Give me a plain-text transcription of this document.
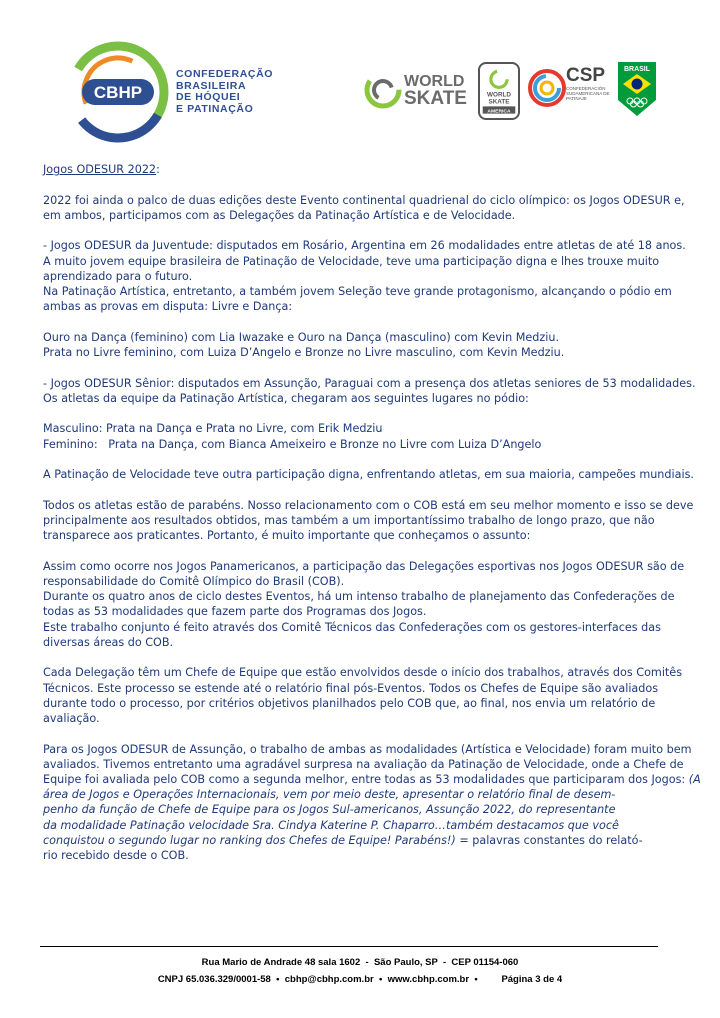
CBHP
CONFEDERAÇÃO
BRASILEIRA
DE HÓQUEI
E PATINAÇÃO
WORLD
SKATE	WORLD
SKATE
AMERICA
CSP
CONFEDERACIÓN SUDAMERICANA DE PATINAJE
BRASIL

Jogos ODESUR 2022:

2022 foi ainda o palco de duas edições deste Evento continental quadrienal do ciclo olímpico: os Jogos ODESUR e,
em ambos, participamos com as Delegações da Patinação Artística e de Velocidade.

- Jogos ODESUR da Juventude: disputados em Rosário, Argentina em 26 modalidades entre atletas de até 18 anos.
A muito jovem equipe brasileira de Patinação de Velocidade, teve uma participação digna e lhes trouxe muito
aprendizado para o futuro.
Na Patinação Artística, entretanto, a também jovem Seleção teve grande protagonismo, alcançando o pódio em
ambas as provas em disputa: Livre e Dança:

Ouro na Dança (feminino) com Lia Iwazake e Ouro na Dança (masculino) com Kevin Medziu.
Prata no Livre feminino, com Luiza D’Angelo e Bronze no Livre masculino, com Kevin Medziu.

- Jogos ODESUR Sênior: disputados em Assunção, Paraguai com a presença dos atletas seniores de 53 modalidades.
Os atletas da equipe da Patinação Artística, chegaram aos seguintes lugares no pódio:

Masculino: Prata na Dança e Prata no Livre, com Erik Medziu
Feminino:   Prata na Dança, com Bianca Ameixeiro e Bronze no Livre com Luiza D’Angelo

A Patinação de Velocidade teve outra participação digna, enfrentando atletas, em sua maioria, campeões mundiais.

Todos os atletas estão de parabéns. Nosso relacionamento com o COB está em seu melhor momento e isso se deve
principalmente aos resultados obtidos, mas também a um importantíssimo trabalho de longo prazo, que não
transparece aos praticantes. Portanto, é muito importante que conheçamos o assunto:

Assim como ocorre nos Jogos Panamericanos, a participação das Delegações esportivas nos Jogos ODESUR são de
responsabilidade do Comitê Olímpico do Brasil (COB).
Durante os quatro anos de ciclo destes Eventos, há um intenso trabalho de planejamento das Confederações de
todas as 53 modalidades que fazem parte dos Programas dos Jogos.
Este trabalho conjunto é feito através dos Comitê Técnicos das Confederações com os gestores-interfaces das
diversas áreas do COB.

Cada Delegação têm um Chefe de Equipe que estão envolvidos desde o início dos trabalhos, através dos Comitês
Técnicos. Este processo se estende até o relatório final pós-Eventos. Todos os Chefes de Equipe são avaliados
durante todo o processo, por critérios objetivos planilhados pelo COB que, ao final, nos envia um relatório de
avaliação.

Para os Jogos ODESUR de Assunção, o trabalho de ambas as modalidades (Artística e Velocidade) foram muito bem
avaliados. Tivemos entretanto uma agradável surpresa na avaliação da Patinação de Velocidade, onde a Chefe de
Equipe foi avaliada pelo COB como a segunda melhor, entre todas as 53 modalidades que participaram dos Jogos: (A
área de Jogos e Operações Internacionais, vem por meio deste, apresentar o relatório final de desem-
penho da função de Chefe de Equipe para os Jogos Sul-americanos, Assunção 2022, do representante
da modalidade Patinação velocidade Sra. Cindya Katerine P. Chaparro…também destacamos que você
conquistou o segundo lugar no ranking dos Chefes de Equipe! Parabéns!) = palavras constantes do relató-
rio recebido desde o COB.

Rua Mario de Andrade 48 sala 1602  -  São Paulo, SP  -  CEP 01154-060
CNPJ 65.036.329/0001-58 • cbhp@cbhp.com.br • www.cbhp.com.br •	Página 3 de 4
